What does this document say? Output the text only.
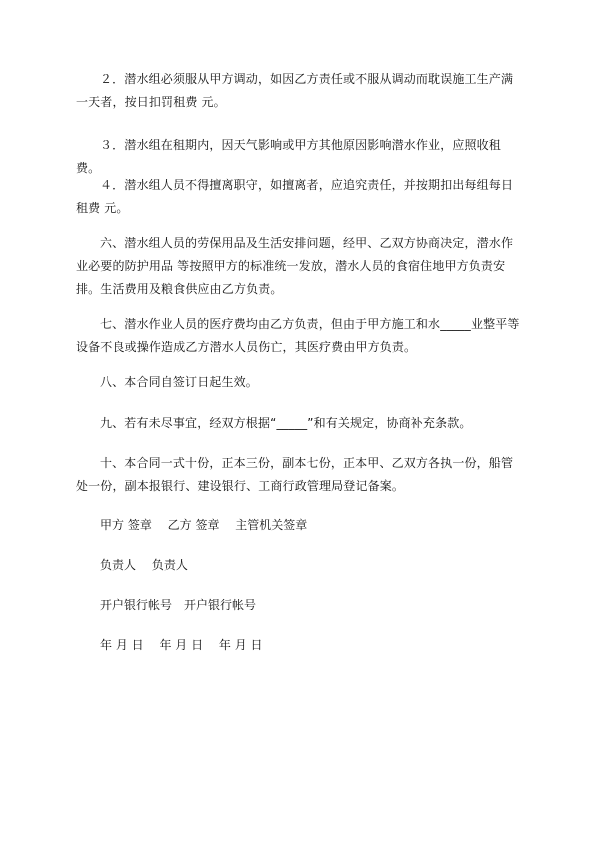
２．潜水组必须服从甲方调动，如因乙方责任或不服从调动而耽误施工生产满一天者，按日扣罚租费 元。

３．潜水组在租期内，因天气影响或甲方其他原因影响潜水作业，应照收租费。

４．潜水组人员不得擅离职守，如擅离者，应追究责任，并按期扣出每组每日租费 元。

六、潜水组人员的劳保用品及生活安排问题，经甲、乙双方协商决定，潜水作业必要的防护用品 等按照甲方的标准统一发放，潜水人员的食宿住地甲方负责安排。生活费用及粮食供应由乙方负责。

七、潜水作业人员的医疗费均由乙方负责，但由于甲方施工和水_____业整平等设备不良或操作造成乙方潜水人员伤亡，其医疗费由甲方负责。

八、本合同自签订日起生效。

九、若有未尽事宜，经双方根据“_____”和有关规定，协商补充条款。

十、本合同一式十份，正本三份，副本七份，正本甲、乙双方各执一份，船管处一份，副本报银行、建设银行、工商行政管理局登记备案。

甲方 签章　 乙方 签章　 主管机关签章

负责人　 负责人

开户银行帐号　开户银行帐号

年 月 日　 年 月 日　 年 月 日
